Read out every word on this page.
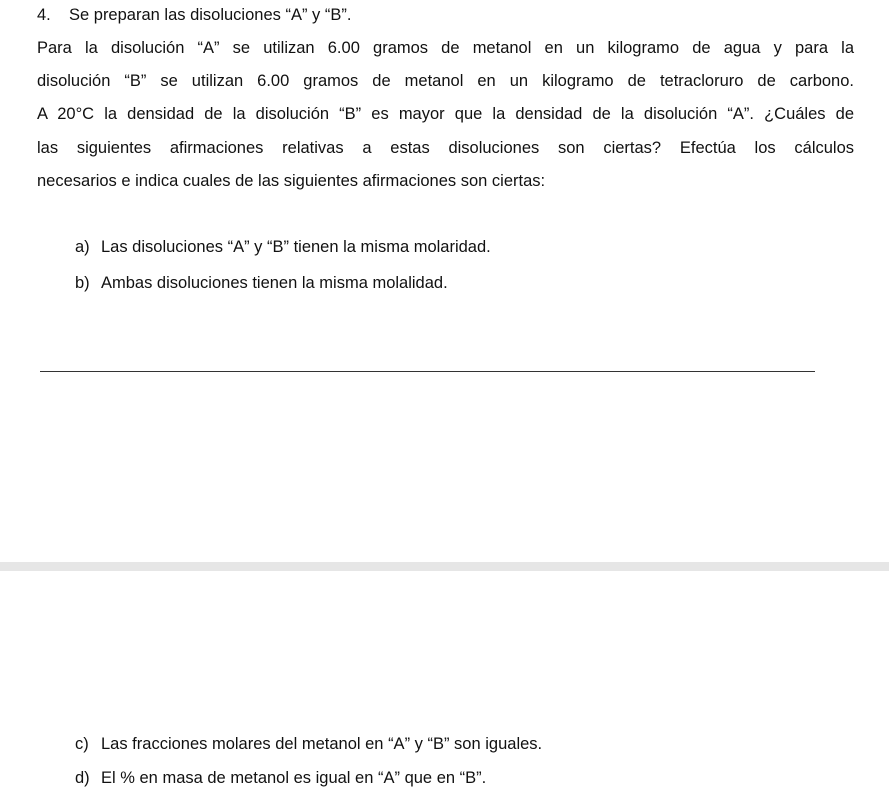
4. Se preparan las disoluciones “A” y “B”.
Para la disolución “A” se utilizan 6.00 gramos de metanol en un kilogramo de agua y para la
disolución “B” se utilizan 6.00 gramos de metanol en un kilogramo de tetracloruro de carbono.
A 20°C la densidad de la disolución “B” es mayor que la densidad de la disolución “A”. ¿Cuáles de
las siguientes afirmaciones relativas a estas disoluciones son ciertas? Efectúa los cálculos
necesarios e indica cuales de las siguientes afirmaciones son ciertas:
a) Las disoluciones “A” y “B” tienen la misma molaridad.
b) Ambas disoluciones tienen la misma molalidad.
c) Las fracciones molares del metanol en “A” y “B” son iguales.
d) El % en masa de metanol es igual en “A” que en “B”.
